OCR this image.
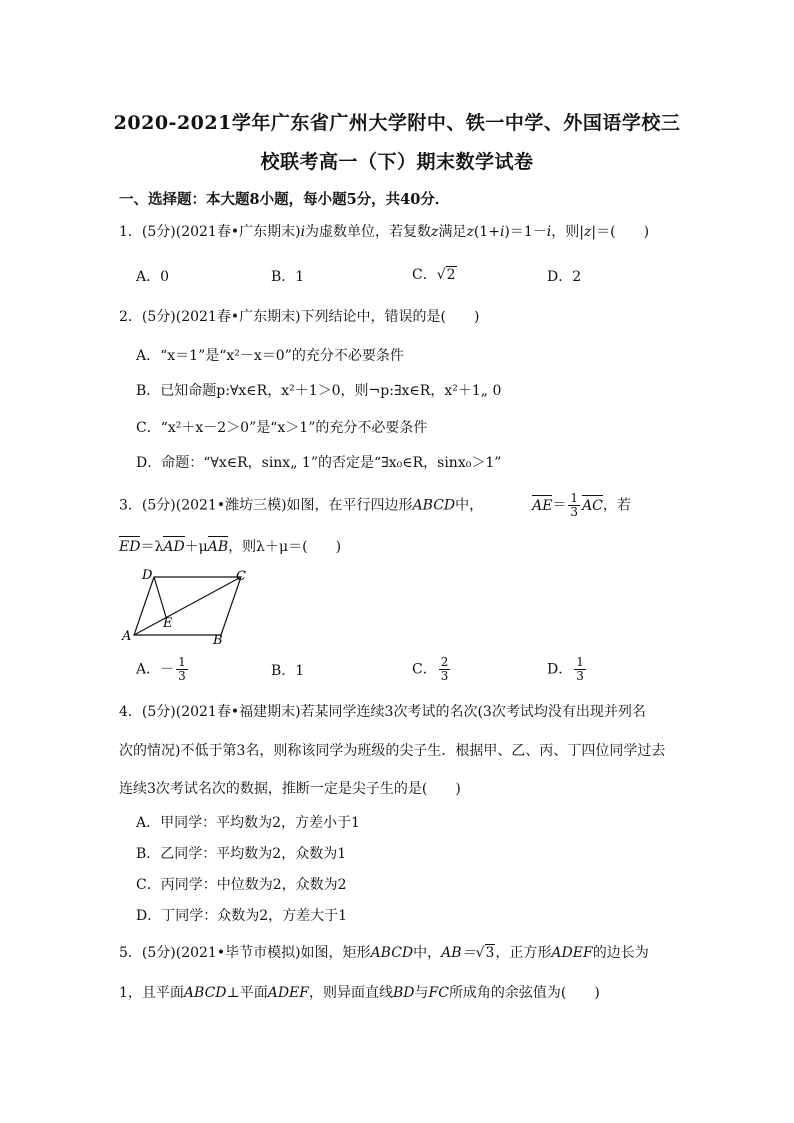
2020-2021学年广东省广州大学附中、铁一中学、外国语学校三
校联考高一（下）期末数学试卷
一、选择题：本大题8小题，每小题5分，共40分．
1．(5分)(2021春•广东期末)i为虚数单位，若复数z满足z(1+i)＝1－i，则|z|＝(　　)
A．0	B．1	C．√2	D．2
2．(5分)(2021春•广东期末)下列结论中，错误的是(　　)
A．“x＝1”是“x²－x＝0”的充分不必要条件
B．已知命题p:∀x∈R，x²＋1＞0，则¬p:∃x∈R，x²＋1„ 0
C．“x²＋x－2＞0”是“x＞1”的充分不必要条件
D．命题：“∀x∈R，sinx„ 1”的否定是“∃x₀∈R，sinx₀＞1”
3．(5分)(2021•潍坊三模)如图，在平行四边形ABCD中，	$AE= \frac{1}{3}$ AC，若
ED＝λAD＋μAB，则λ＋μ＝(　　)
A	B
C
D
E
A．－ $\frac{1}{3}$	B．1	C． $\frac{2}{3}$	D． $\frac{1}{3}$
4．(5分)(2021春•福建期末)若某同学连续3次考试的名次(3次考试均没有出现并列名
次的情况)不低于第3名，则称该同学为班级的尖子生．根据甲、乙、丙、丁四位同学过去
连续3次考试名次的数据，推断一定是尖子生的是(　　)
A．甲同学：平均数为2，方差小于1
B．乙同学：平均数为2，众数为1
C．丙同学：中位数为2，众数为2
D．丁同学：众数为2，方差大于1
5．(5分)(2021•毕节市模拟)如图，矩形ABCD中，AB＝√3，正方形ADEF的边长为
1，且平面ABCD⊥平面ADEF，则异面直线BD与FC所成角的余弦值为(　　)
